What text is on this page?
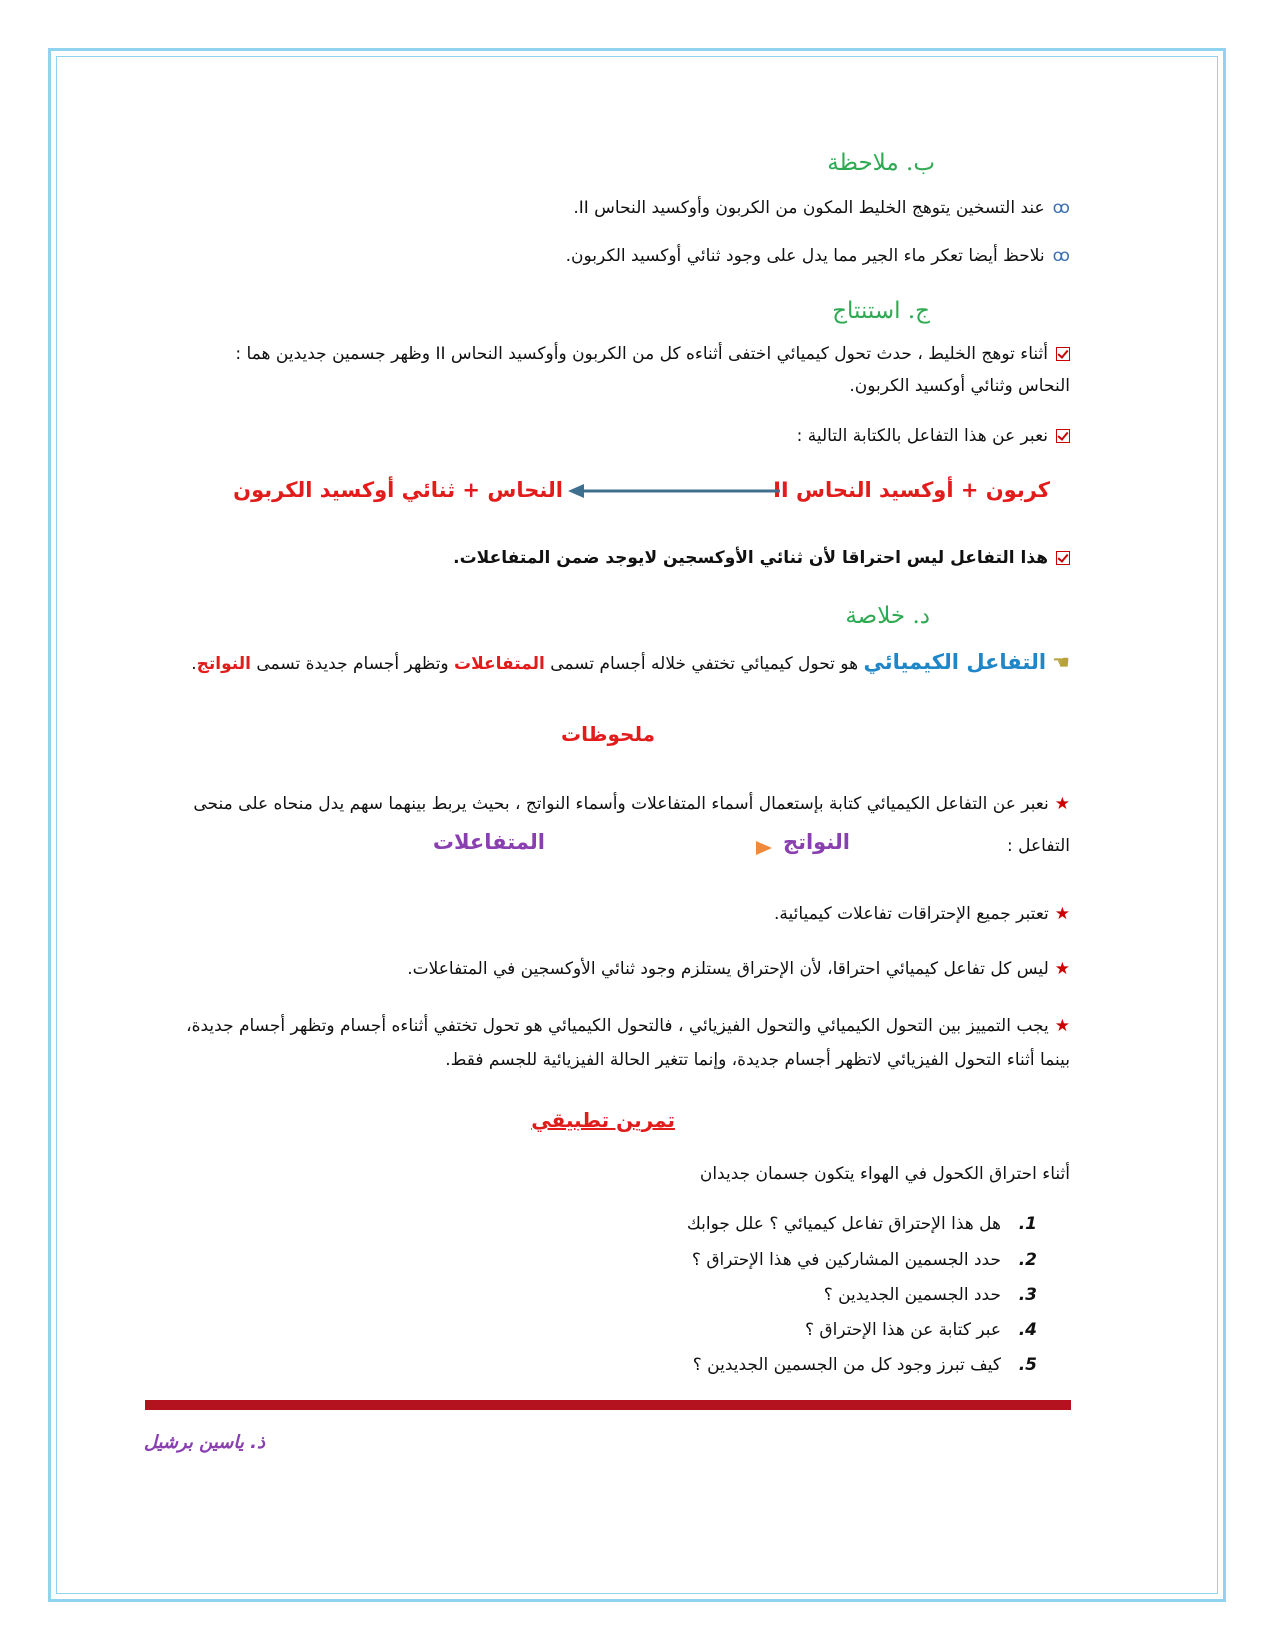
ب. ملاحظة
ꝏعند التسخين يتوهج الخليط المكون من الكربون وأوكسيد النحاس II.
ꝏنلاحظ أيضا تعكر ماء الجير مما يدل على وجود ثنائي أوكسيد الكربون.
ج. استنتاج
أثناء توهج الخليط ، حدث تحول كيميائي اختفى أثناءه كل من الكربون وأوكسيد النحاس II وظهر جسمين جديدين هما :
النحاس وثنائي أوكسيد الكربون.
نعبر عن هذا التفاعل بالكتابة التالية :
كربون + أوكسيد النحاس II
النحاس + ثنائي أوكسيد الكربون
هذا التفاعل ليس احتراقا لأن ثنائي الأوكسجين لايوجد ضمن المتفاعلات.
د. خلاصة
☚التفاعل الكيميائي هو تحول كيميائي تختفي خلاله أجسام تسمى المتفاعلات وتظهر أجسام جديدة تسمى النواتج.
ملحوظات
★نعبر عن التفاعل الكيميائي كتابة بإستعمال أسماء المتفاعلات وأسماء النواتج ، بحيث يربط بينهما سهم يدل منحاه على منحى
التفاعل :
النواتج
المتفاعلات
★تعتبر جميع الإحتراقات تفاعلات كيميائية.
★ليس كل تفاعل كيميائي احتراقا، لأن الإحتراق يستلزم وجود ثنائي الأوكسجين في المتفاعلات.
★يجب التمييز بين التحول الكيميائي والتحول الفيزيائي ، فالتحول الكيميائي هو تحول تختفي أثناءه أجسام وتظهر أجسام جديدة،
بينما أثناء التحول الفيزيائي لاتظهر أجسام جديدة، وإنما تتغير الحالة الفيزيائية للجسم فقط.
تمرين تطبيقي
أثناء احتراق الكحول في الهواء يتكون جسمان جديدان
1.هل هذا الإحتراق تفاعل كيميائي ؟ علل جوابك
2.حدد الجسمين المشاركين في هذا الإحتراق ؟
3.حدد الجسمين الجديدين ؟
4.عبر كتابة عن هذا الإحتراق ؟
5.كيف تبرز وجود كل من الجسمين الجديدين ؟
ذ. ياسين برشيل
